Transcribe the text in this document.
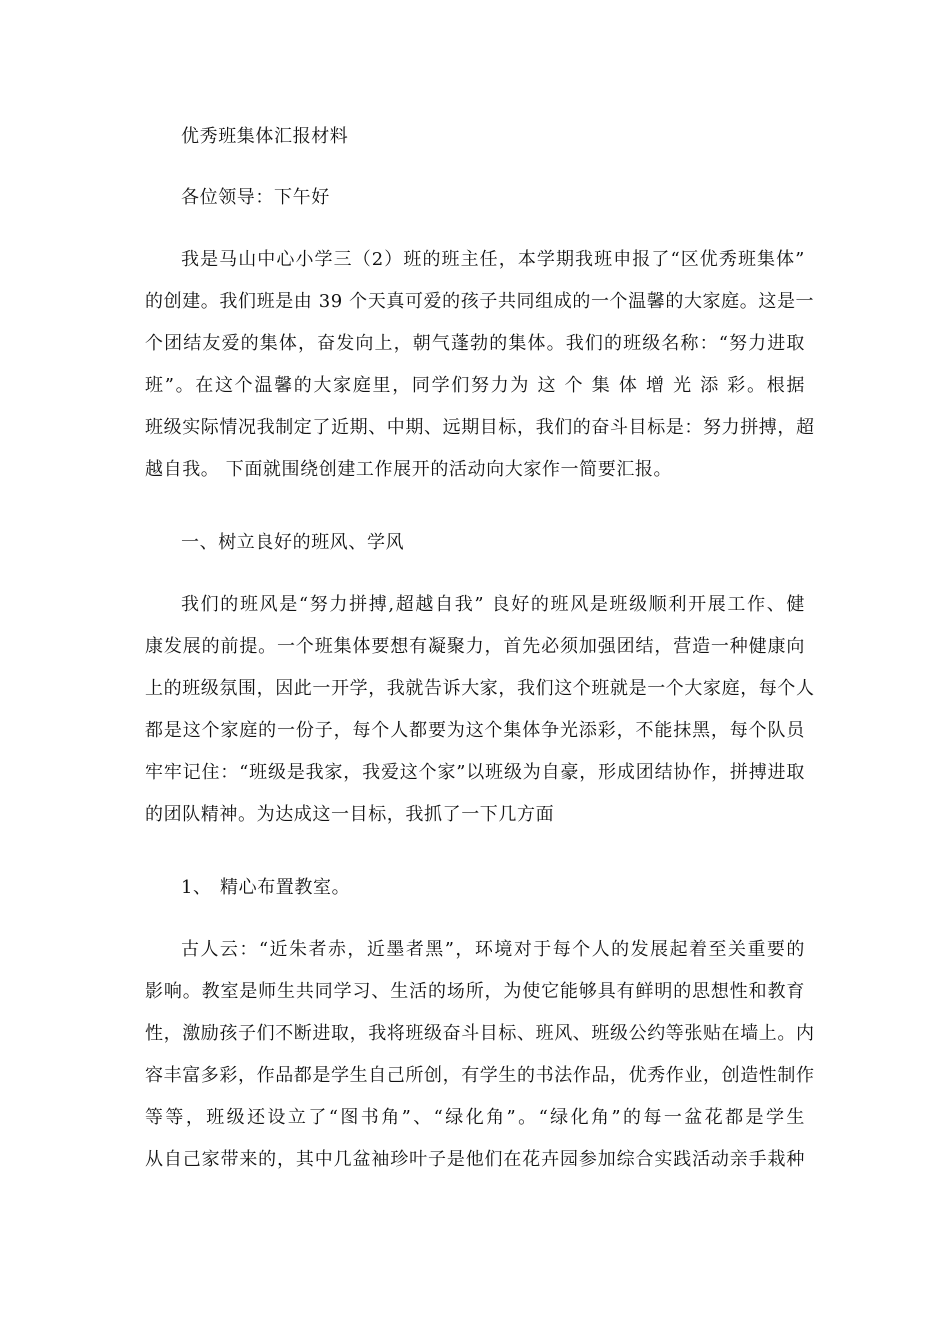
优秀班集体汇报材料
各位领导：下午好
我是马山中心小学三（2）班的班主任，本学期我班申报了“区优秀班集体”
的创建。我们班是由 39 个天真可爱的孩子共同组成的一个温馨的大家庭。这是一
个团结友爱的集体，奋发向上，朝气蓬勃的集体。我们的班级名称：“努力进取
班”。在这个温馨的大家庭里，同学们努力为 这 个 集 体 增 光 添 彩。根据
班级实际情况我制定了近期、中期、远期目标，我们的奋斗目标是：努力拼搏，超
越自我。 下面就围绕创建工作展开的活动向大家作一简要汇报。
一、树立良好的班风、学风
我们的班风是“努力拼搏,超越自我” 良好的班风是班级顺利开展工作、健
康发展的前提。一个班集体要想有凝聚力，首先必须加强团结，营造一种健康向
上的班级氛围，因此一开学，我就告诉大家，我们这个班就是一个大家庭，每个人
都是这个家庭的一份子，每个人都要为这个集体争光添彩，不能抹黑，每个队员
牢牢记住：“班级是我家，我爱这个家”以班级为自豪，形成团结协作，拼搏进取
的团队精神。为达成这一目标，我抓了一下几方面
1、 精心布置教室。
古人云：“近朱者赤，近墨者黑”，环境对于每个人的发展起着至关重要的
影响。教室是师生共同学习、生活的场所，为使它能够具有鲜明的思想性和教育
性，激励孩子们不断进取，我将班级奋斗目标、班风、班级公约等张贴在墙上。内
容丰富多彩，作品都是学生自己所创，有学生的书法作品，优秀作业，创造性制作
等等，班级还设立了“图书角”、“绿化角”。“绿化角”的每一盆花都是学生
从自己家带来的，其中几盆袖珍叶子是他们在花卉园参加综合实践活动亲手栽种
